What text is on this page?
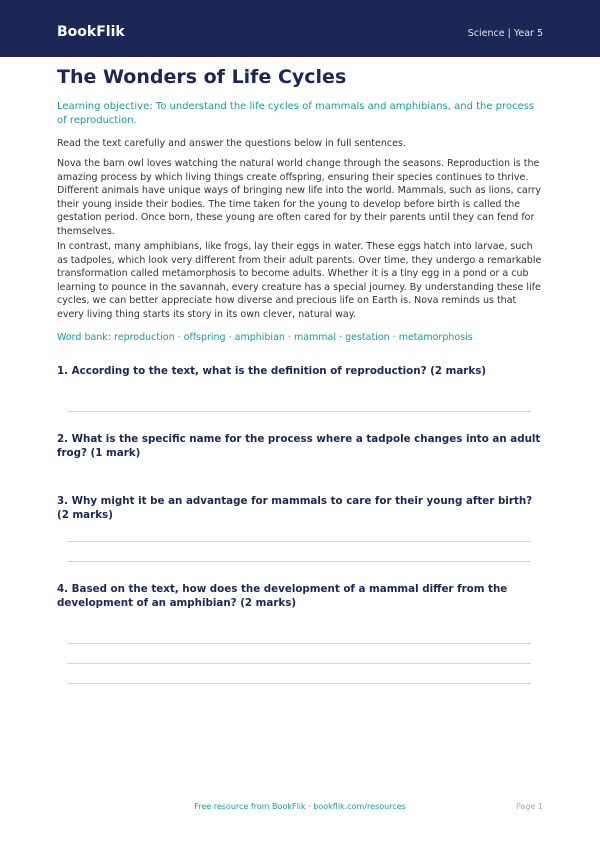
BookFlik	Science | Year 5
The Wonders of Life Cycles
Learning objective: To understand the life cycles of mammals and amphibians, and the process of reproduction.
Read the text carefully and answer the questions below in full sentences.
Nova the barn owl loves watching the natural world change through the seasons. Reproduction is the amazing process by which living things create offspring, ensuring their species continues to thrive. Different animals have unique ways of bringing new life into the world. Mammals, such as lions, carry their young inside their bodies. The time taken for the young to develop before birth is called the gestation period. Once born, these young are often cared for by their parents until they can fend for themselves.
In contrast, many amphibians, like frogs, lay their eggs in water. These eggs hatch into larvae, such as tadpoles, which look very different from their adult parents. Over time, they undergo a remarkable transformation called metamorphosis to become adults. Whether it is a tiny egg in a pond or a cub learning to pounce in the savannah, every creature has a special journey. By understanding these life cycles, we can better appreciate how diverse and precious life on Earth is. Nova reminds us that every living thing starts its story in its own clever, natural way.
Word bank: reproduction · offspring · amphibian · mammal · gestation · metamorphosis
1. According to the text, what is the definition of reproduction? (2 marks)
2. What is the specific name for the process where a tadpole changes into an adult frog? (1 mark)
3. Why might it be an advantage for mammals to care for their young after birth? (2 marks)
4. Based on the text, how does the development of a mammal differ from the development of an amphibian? (2 marks)
Free resource from BookFlik · bookflik.com/resources	Page 1
